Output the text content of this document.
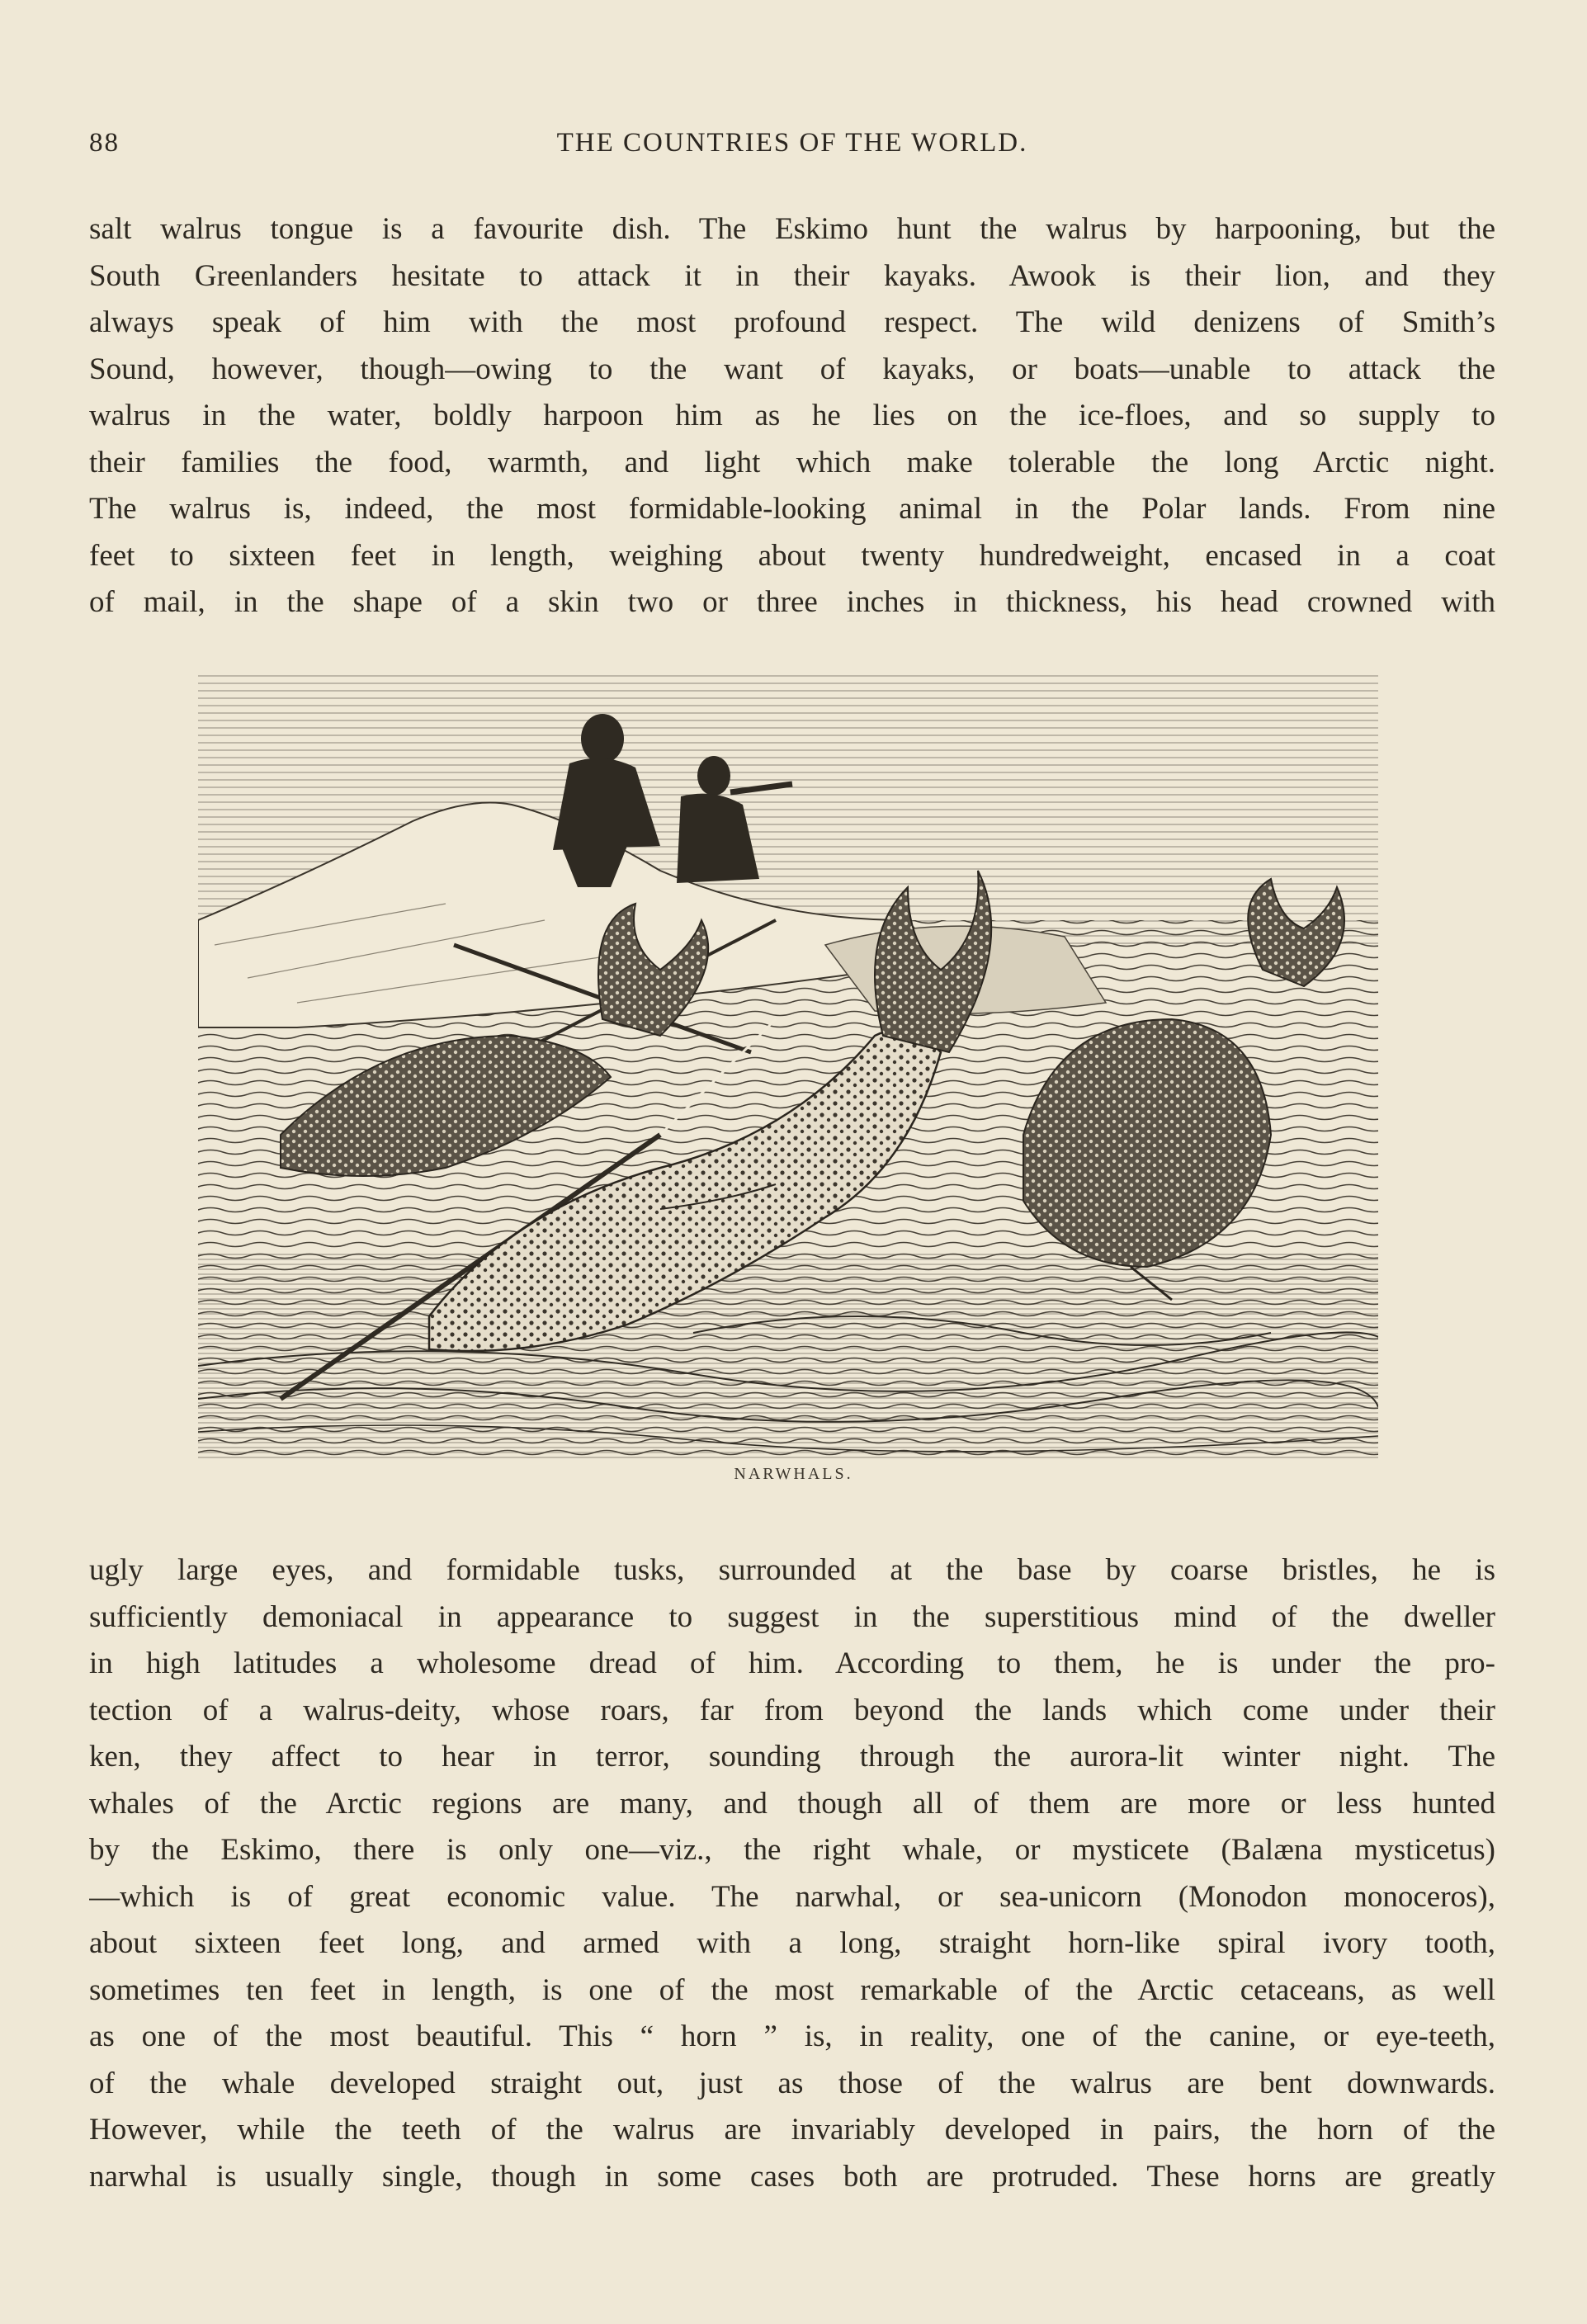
88	THE COUNTRIES OF THE WORLD.
salt walrus tongue is a favourite dish. The Eskimo hunt the walrus by harpooning, but the
South Greenlanders hesitate to attack it in their kayaks. Awook is their lion, and they
always speak of him with the most profound respect. The wild denizens of Smith’s
Sound, however, though—owing to the want of kayaks, or boats—unable to attack the
walrus in the water, boldly harpoon him as he lies on the ice-floes, and so supply to
their families the food, warmth, and light which make tolerable the long Arctic night.
The walrus is, indeed, the most formidable-looking animal in the Polar lands. From nine
feet to sixteen feet in length, weighing about twenty hundredweight, encased in a coat
of mail, in the shape of a skin two or three inches in thickness, his head crowned with
NARWHALS.
ugly large eyes, and formidable tusks, surrounded at the base by coarse bristles, he is
sufficiently demoniacal in appearance to suggest in the superstitious mind of the dweller
in high latitudes a wholesome dread of him. According to them, he is under the pro-
tection of a walrus-deity, whose roars, far from beyond the lands which come under their
ken, they affect to hear in terror, sounding through the aurora-lit winter night. The
whales of the Arctic regions are many, and though all of them are more or less hunted
by the Eskimo, there is only one—viz., the right whale, or mysticete (Balæna mysticetus)
—which is of great economic value. The narwhal, or sea-unicorn (Monodon monoceros),
about sixteen feet long, and armed with a long, straight horn-like spiral ivory tooth,
sometimes ten feet in length, is one of the most remarkable of the Arctic cetaceans, as well
as one of the most beautiful. This “ horn ” is, in reality, one of the canine, or eye-teeth,
of the whale developed straight out, just as those of the walrus are bent downwards.
However, while the teeth of the walrus are invariably developed in pairs, the horn of the
narwhal is usually single, though in some cases both are protruded. These horns are greatly
